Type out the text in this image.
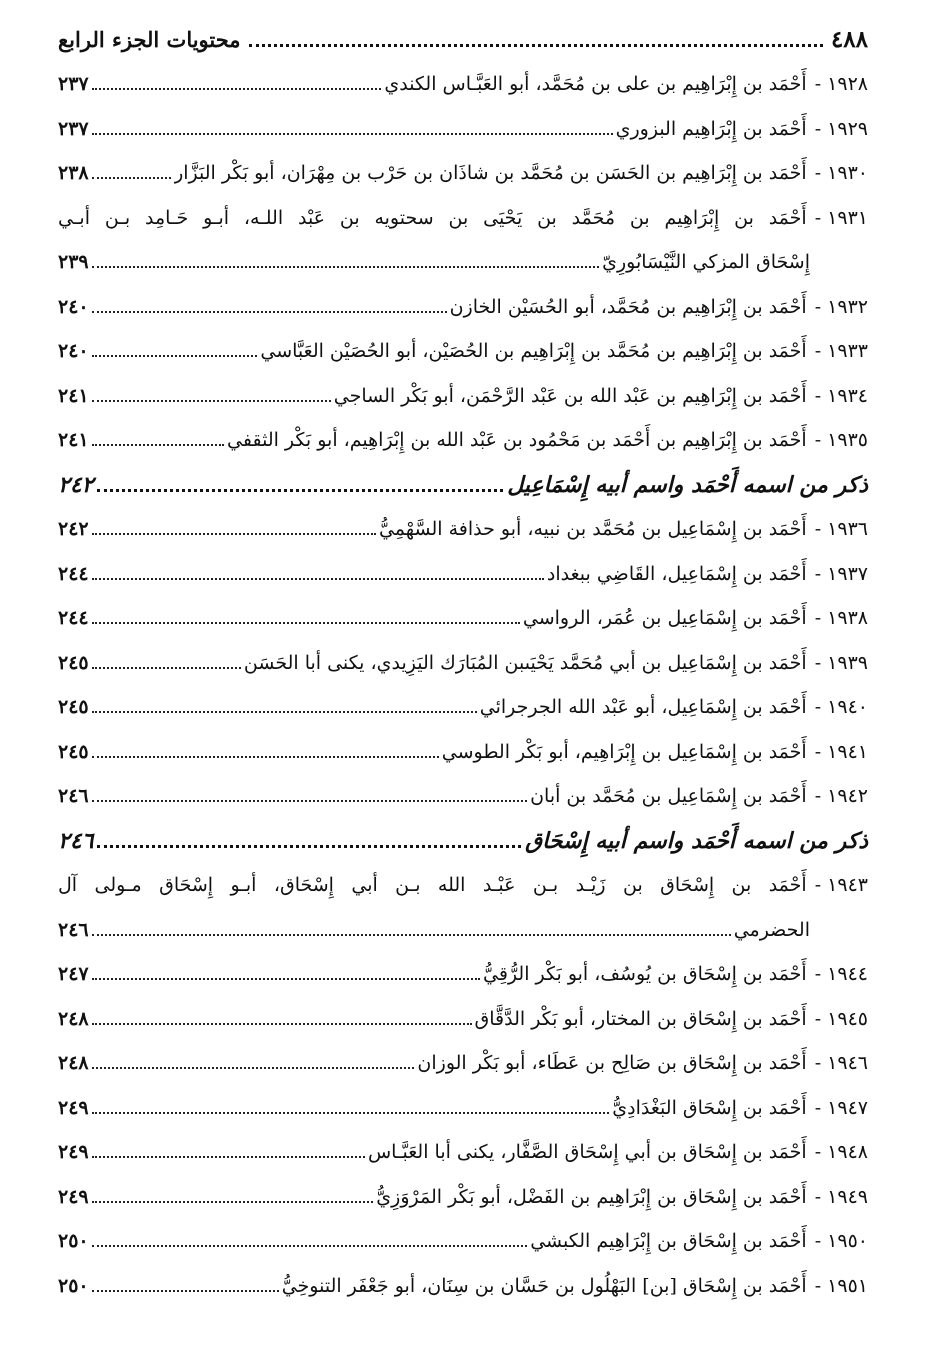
٤٨٨
محتويات الجزء الرابع
١٩٢٨ -
أَحْمَد بن إِبْرَاهِيم بن على بن مُحَمَّد، أبو العَبَّـاس الكندي
٢٣٧
١٩٢٩ -
أَحْمَد بن إِبْرَاهِيم البزوري
٢٣٧
١٩٣٠ -
أَحْمَد بن إِبْرَاهِيم بن الحَسَن بن مُحَمَّد بن شاذَان بن حَرْب بن مِهْرَان، أبو بَكْر البَزَّار
٢٣٨
١٩٣١ -
أَحْمَد بن إِبْرَاهِيم بن مُحَمَّد بن يَحْيَى بن سحتويه بن عَبْد اللـه، أبـو حَـامِد بـن أبـي
إِسْحَاق المزكي النَّيْسَابُورِيّ
٢٣٩
١٩٣٢ -
أَحْمَد بن إِبْرَاهِيم بن مُحَمَّد، أبو الحُسَيْن الخازن
٢٤٠
١٩٣٣ -
أَحْمَد بن إِبْرَاهِيم بن مُحَمَّد بن إِبْرَاهِيم بن الحُصَيْن، أبو الحُصَيْن العَبَّاسي
٢٤٠
١٩٣٤ -
أَحْمَد بن إِبْرَاهِيم بن عَبْد الله بن عَبْد الرَّحْمَن، أبو بَكْر الساجي
٢٤١
١٩٣٥ -
أَحْمَد بن إِبْرَاهِيم بن أَحْمَد بن مَحْمُود بن عَبْد الله بن إِبْرَاهِيم، أبو بَكْر الثقفي
٢٤١
ذكر من اسمه أَحْمَد واسم أبيه إِسْمَاعِيل
٢٤٢
١٩٣٦ -
أَحْمَد بن إِسْمَاعِيل بن مُحَمَّد بن نبيه، أبو حذافة السَّهْمِيُّ
٢٤٢
١٩٣٧ -
أَحْمَد بن إِسْمَاعِيل، القَاضِي ببغداد
٢٤٤
١٩٣٨ -
أَحْمَد بن إِسْمَاعِيل بن عُمَر، الرواسي
٢٤٤
١٩٣٩ -
أَحْمَد بن إِسْمَاعِيل بن أبي مُحَمَّد يَحْيَىبن المُبَارَك اليَزِيدي، يكنى أبا الحَسَن
٢٤٥
١٩٤٠ -
أَحْمَد بن إِسْمَاعِيل، أبو عَبْد الله الجرجرائي
٢٤٥
١٩٤١ -
أَحْمَد بن إِسْمَاعِيل بن إِبْرَاهِيم، أبو بَكْر الطوسي
٢٤٥
١٩٤٢ -
أَحْمَد بن إِسْمَاعِيل بن مُحَمَّد بن أبان
٢٤٦
ذكر من اسمه أَحْمَد واسم أبيه إِسْحَاق
٢٤٦
١٩٤٣ -
أَحْمَد بن إِسْحَاق بن زَيْـد بـن عَبْـد الله بـن أبي إِسْحَاق، أبـو إِسْحَاق مـولى آل
الحضرمي
٢٤٦
١٩٤٤ -
أَحْمَد بن إِسْحَاق بن يُوسُف، أبو بَكْر الرُّقِيُّ
٢٤٧
١٩٤٥ -
أَحْمَد بن إِسْحَاق بن المختار، أبو بَكْر الدَّقَّاق
٢٤٨
١٩٤٦ -
أَحْمَد بن إِسْحَاق بن صَالِح بن عَطَاء، أبو بَكْر الوزان
٢٤٨
١٩٤٧ -
أَحْمَد بن إِسْحَاق البَغْدَادِيُّ
٢٤٩
١٩٤٨ -
أَحْمَد بن إِسْحَاق بن أبي إِسْحَاق الصَّفَّار، يكنى أبا العَبَّـاس
٢٤٩
١٩٤٩ -
أَحْمَد بن إِسْحَاق بن إِبْرَاهِيم بن الفَضْل، أبو بَكْر المَرْوَزِيُّ
٢٤٩
١٩٥٠ -
أَحْمَد بن إِسْحَاق بن إِبْرَاهِيم الكبشي
٢٥٠
١٩٥١ -
أَحْمَد بن إِسْحَاق [بن] البَهْلُول بن حَسَّان بن سِنَان، أبو جَعْفَر التنوخِيُّ
٢٥٠
